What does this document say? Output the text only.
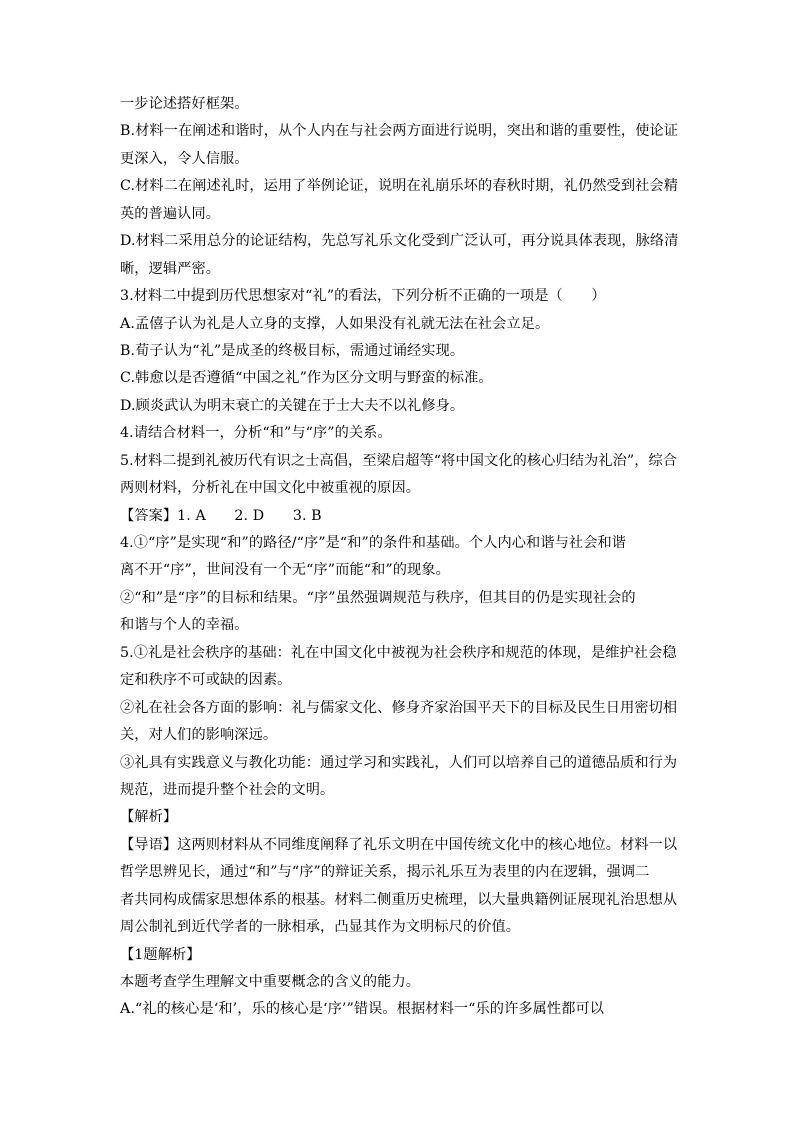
一步论述搭好框架。
B.材料一在阐述和谐时，从个人内在与社会两方面进行说明，突出和谐的重要性，使论证
更深入，令人信服。
C.材料二在阐述礼时，运用了举例论证，说明在礼崩乐坏的春秋时期，礼仍然受到社会精
英的普遍认同。
D.材料二采用总分的论证结构，先总写礼乐文化受到广泛认可，再分说具体表现，脉络清
晰，逻辑严密。
3.材料二中提到历代思想家对“礼”的看法，下列分析不正确的一项是（　　）
A.孟僖子认为礼是人立身的支撑，人如果没有礼就无法在社会立足。
B.荀子认为“礼”是成圣的终极目标，需通过诵经实现。
C.韩愈以是否遵循“中国之礼”作为区分文明与野蛮的标准。
D.顾炎武认为明末衰亡的关键在于士大夫不以礼修身。
4.请结合材料一，分析“和”与“序”的关系。
5.材料二提到礼被历代有识之士高倡，至梁启超等“将中国文化的核心归结为礼治”，综合
两则材料，分析礼在中国文化中被重视的原因。
【答案】1. A　　2. D　　3. B
4.①“序”是实现“和”的路径/“序”是“和”的条件和基础。个人内心和谐与社会和谐
离不开“序”，世间没有一个无“序”而能“和”的现象。
②“和”是“序”的目标和结果。“序”虽然强调规范与秩序，但其目的仍是实现社会的
和谐与个人的幸福。
5.①礼是社会秩序的基础：礼在中国文化中被视为社会秩序和规范的体现，是维护社会稳
定和秩序不可或缺的因素。
②礼在社会各方面的影响：礼与儒家文化、修身齐家治国平天下的目标及民生日用密切相
关，对人们的影响深远。
③礼具有实践意义与教化功能：通过学习和实践礼，人们可以培养自己的道德品质和行为
规范，进而提升整个社会的文明。
【解析】
【导语】这两则材料从不同维度阐释了礼乐文明在中国传统文化中的核心地位。材料一以
哲学思辨见长，通过“和”与“序”的辩证关系，揭示礼乐互为表里的内在逻辑，强调二
者共同构成儒家思想体系的根基。材料二侧重历史梳理，以大量典籍例证展现礼治思想从
周公制礼到近代学者的一脉相承，凸显其作为文明标尺的价值。
【1题解析】
本题考查学生理解文中重要概念的含义的能力。
A.“礼的核心是‘和’，乐的核心是‘序’”错误。根据材料一“乐的许多属性都可以
